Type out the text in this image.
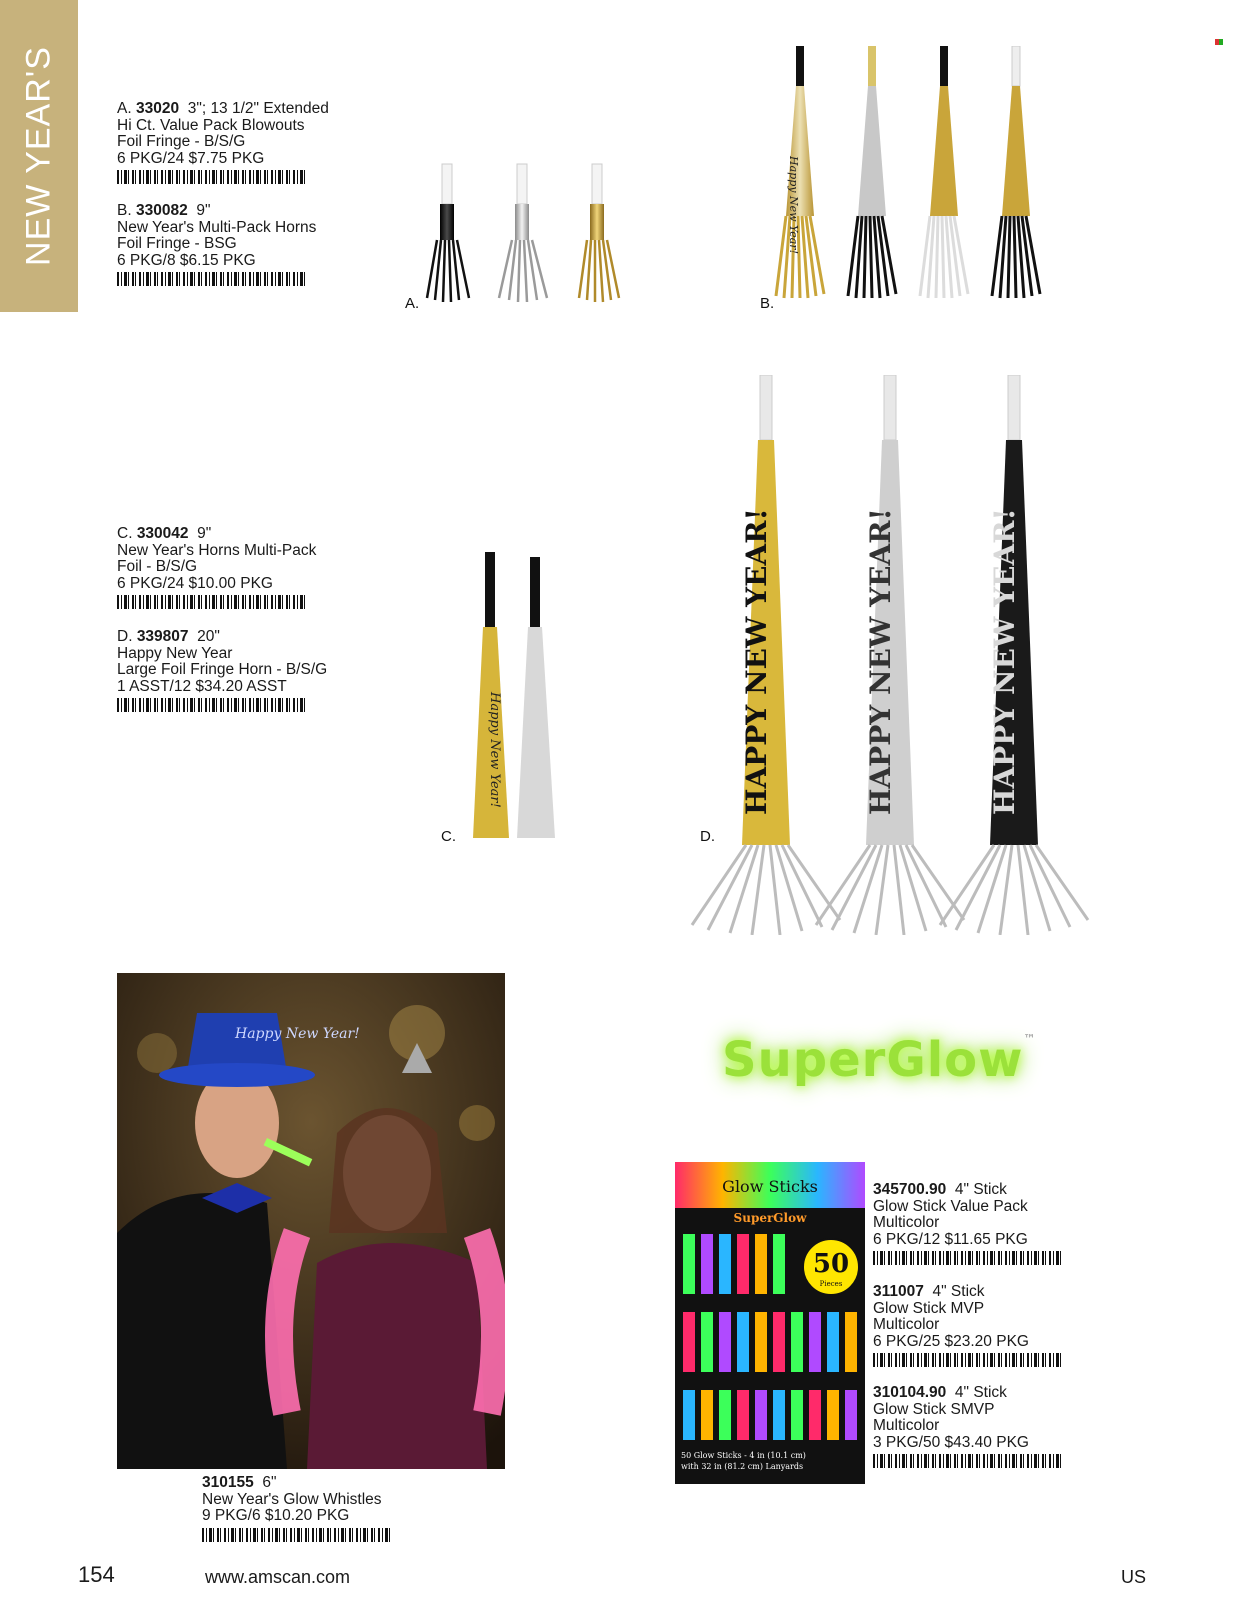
NEW YEAR'S	A. 33020 3"; 13 1/2" Extended
Hi Ct. Value Pack Blowouts
Foil Fringe - B/S/G
6 PKG/24 $7.75 PKG
B. 330082 9"
New Year's Multi-Pack Horns
Foil Fringe - BSG
6 PKG/8 $6.15 PKG
C. 330042 9"
New Year's Horns Multi-Pack
Foil - B/S/G
6 PKG/24 $10.00 PKG
D. 339807 20"
Happy New Year
Large Foil Fringe Horn - B/S/G
1 ASST/12 $34.20 ASST
A.
Happy New Year!
B.
Happy New Year!
C.
HAPPY NEW YEAR!	HAPPY NEW YEAR!	HAPPY NEW YEAR!
D.
Happy New Year!
310155 6"
New Year's Glow Whistles
9 PKG/6 $10.20 PKG
SuperGlow™
Glow Sticks
SuperGlow
50
Pieces
50 Glow Sticks - 4 in (10.1 cm)
with 32 in (81.2 cm) Lanyards
345700.90 4" Stick
Glow Stick Value Pack
Multicolor
6 PKG/12 $11.65 PKG
311007 4" Stick
Glow Stick MVP
Multicolor
6 PKG/25 $23.20 PKG
310104.90 4" Stick
Glow Stick SMVP
Multicolor
3 PKG/50 $43.40 PKG
154	www.amscan.com	US
